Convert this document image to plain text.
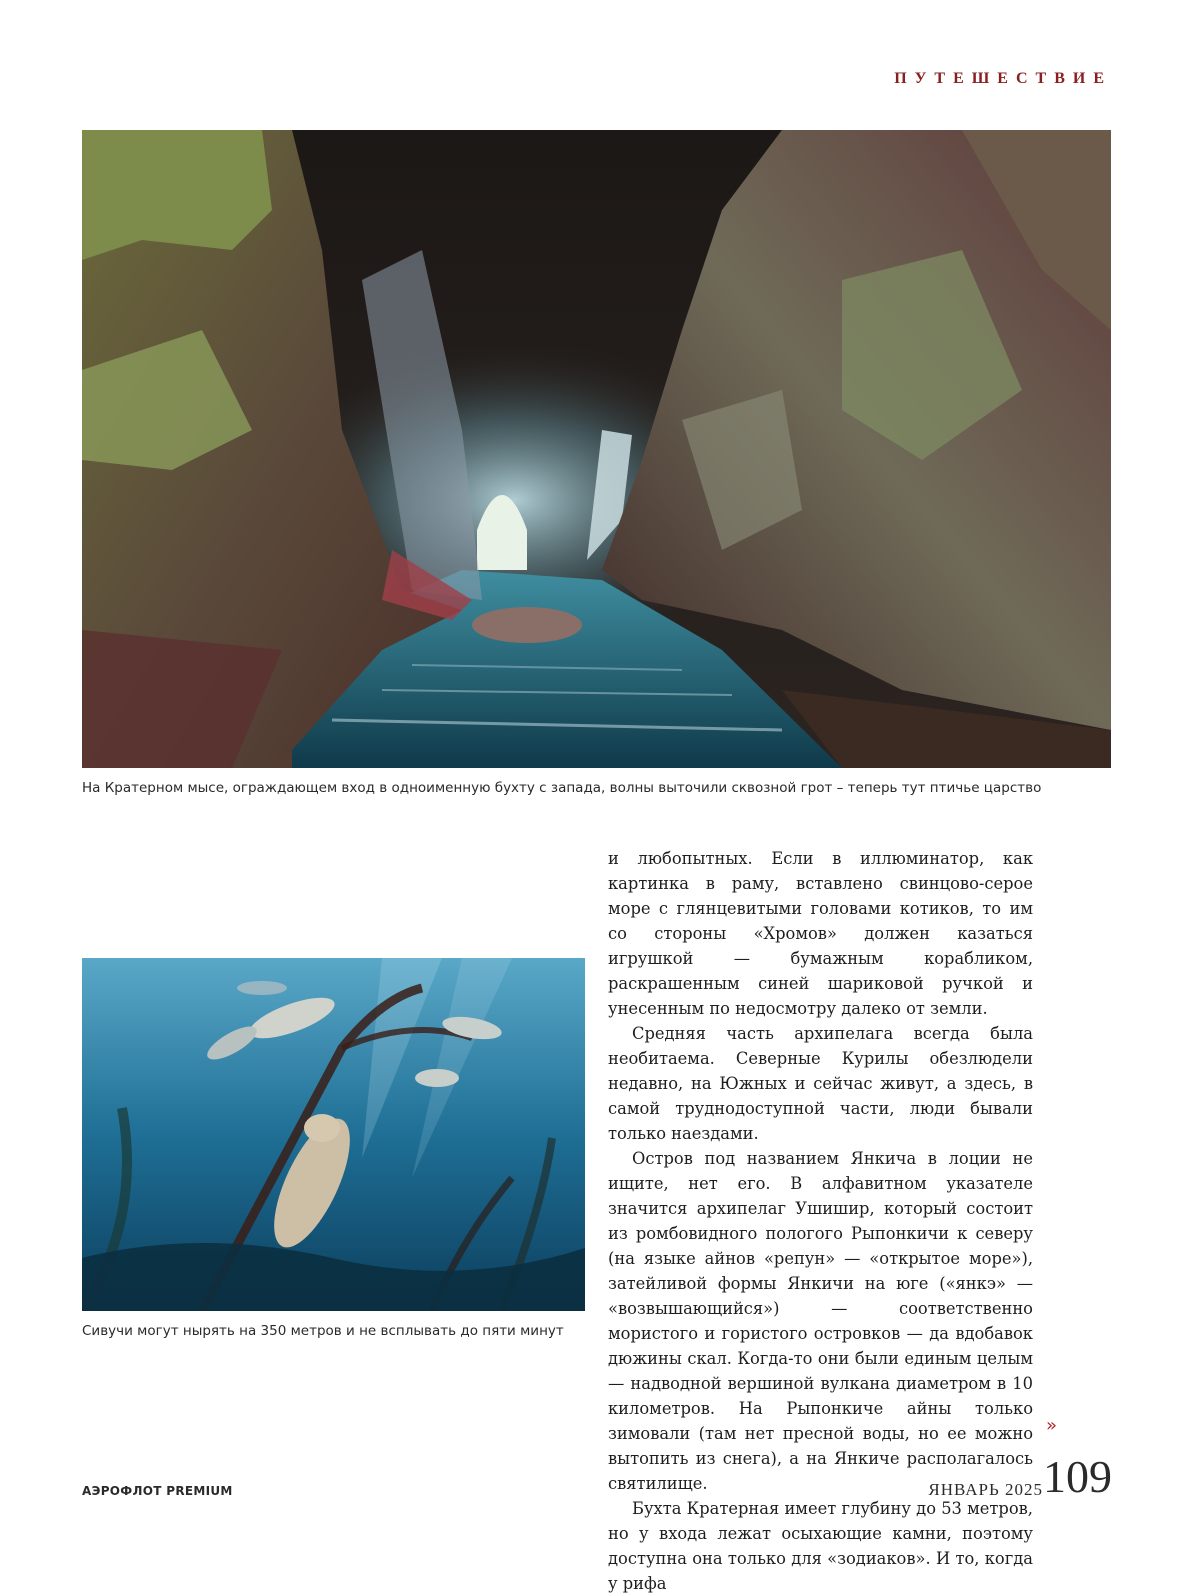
ПУТЕШЕСТВИЕ
На Кратерном мысе, ограждающем вход в одноименную бухту с запада, волны выточили сквозной грот – теперь тут птичье царство
Сивучи могут нырять на 350 метров и не всплывать до пяти минут

и любопытных. Если в иллюминатор, как картинка в раму, вставлено свинцово-серое море с глянцевитыми головами котиков, то им со стороны «Хромов» должен казаться игрушкой — бумажным корабликом, раскрашенным синей шариковой ручкой и унесенным по недосмотру далеко от земли.

Средняя часть архипелага всегда была необитаема. Северные Курилы обезлюдели недавно, на Южных и сейчас живут, а здесь, в самой труднодоступной части, люди бывали только наездами.

Остров под названием Янкича в лоции не ищите, нет его. В алфавитном указателе значится архипелаг Ушишир, который состоит из ромбовидного пологого Рыпонкичи к северу (на языке айнов «репун» — «открытое море»), затейливой формы Янкичи на юге («янкэ» — «возвышающийся») — соответственно мористого и гористого островков — да вдобавок дюжины скал. Когда-то они были единым целым — надводной вершиной вулкана диаметром в 10 километров. На Рыпонкиче айны только зимовали (там нет пресной воды, но ее можно вытопить из снега), а на Янкиче располагалось святилище.

Бухта Кратерная имеет глубину до 53 метров, но у входа лежат осыхающие камни, поэтому доступна она только для «зодиаков». И то, когда у рифа

»
АЭРОФЛОТ PREMIUM	ЯНВАРЬ 2025 109
